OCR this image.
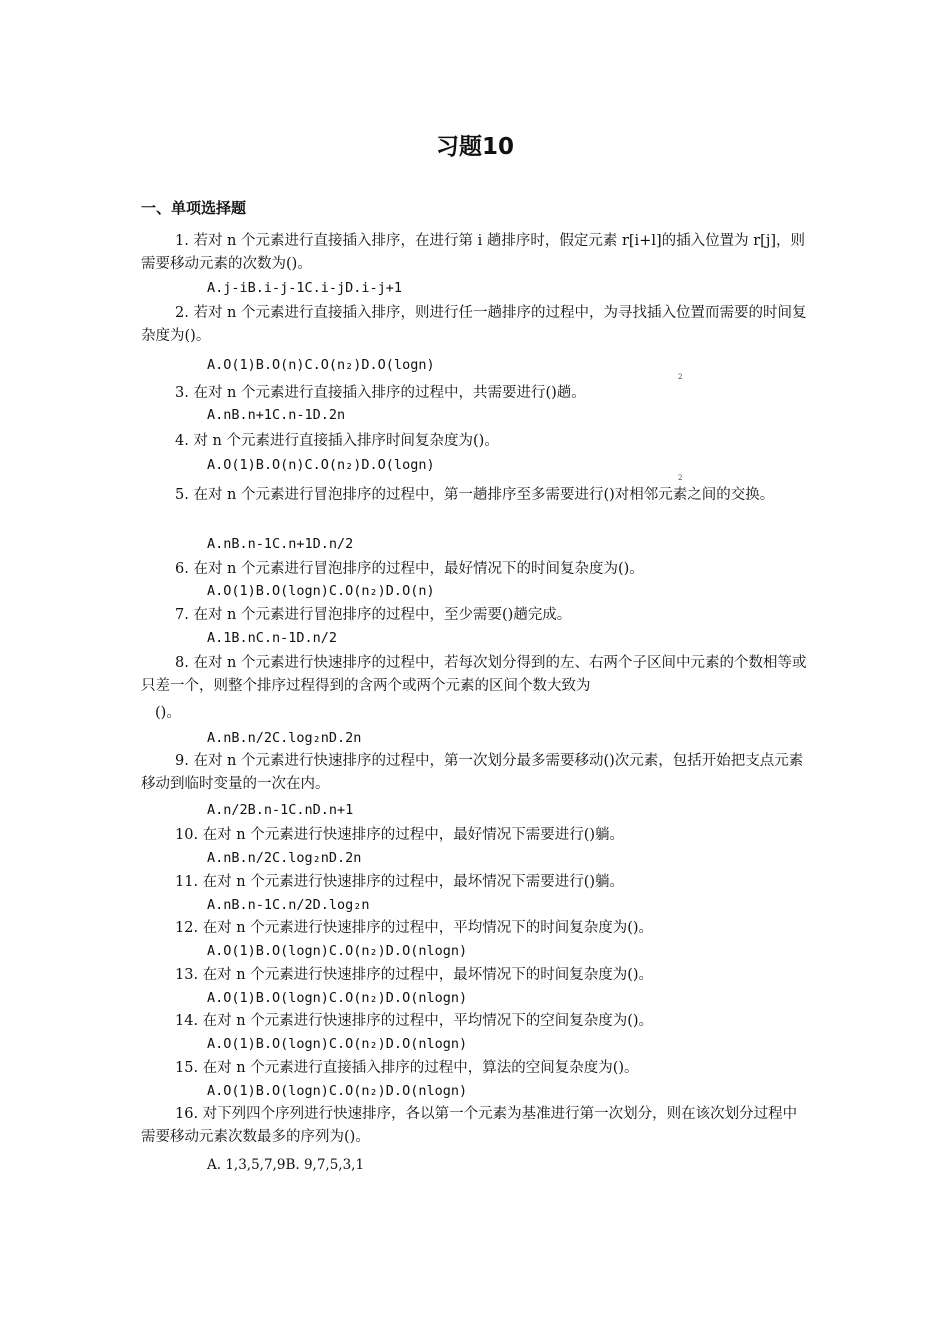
习题10
一、单项选择题
1. 若对 n 个元素进行直接插入排序，在进行第 i 趟排序时，假定元素 r[i+l]的插入位置为 r[j]，则需要移动元素的次数为()。
A.j-iB.i-j-1C.i-jD.i-j+1
2. 若对 n 个元素进行直接插入排序，则进行任一趟排序的过程中，为寻找插入位置而需要的时间复杂度为()。
A.O(1)B.O(n)C.O(n₂)D.O(logn)
2
3. 在对 n 个元素进行直接插入排序的过程中，共需要进行()趟。
A.nB.n+1C.n-1D.2n
4. 对 n 个元素进行直接插入排序时间复杂度为()。
A.O(1)B.O(n)C.O(n₂)D.O(logn)
2
5. 在对 n 个元素进行冒泡排序的过程中，第一趟排序至多需要进行()对相邻元素之间的交换。
A.nB.n-1C.n+1D.n/2
6. 在对 n 个元素进行冒泡排序的过程中，最好情况下的时间复杂度为()。
A.O(1)B.O(logn)C.O(n₂)D.O(n)
7. 在对 n 个元素进行冒泡排序的过程中，至少需要()趟完成。
A.1B.nC.n-1D.n/2
8. 在对 n 个元素进行快速排序的过程中，若每次划分得到的左、右两个子区间中元素的个数相等或只差一个，则整个排序过程得到的含两个或两个元素的区间个数大致为
()。
A.nB.n/2C.log₂nD.2n
9. 在对 n 个元素进行快速排序的过程中，第一次划分最多需要移动()次元素，包括开始把支点元素移动到临时变量的一次在内。
A.n/2B.n-1C.nD.n+1
10. 在对 n 个元素进行快速排序的过程中，最好情况下需要进行()躺。
A.nB.n/2C.log₂nD.2n
11. 在对 n 个元素进行快速排序的过程中，最坏情况下需要进行()躺。
A.nB.n-1C.n/2D.log₂n
12. 在对 n 个元素进行快速排序的过程中，平均情况下的时间复杂度为()。
A.O(1)B.O(logn)C.O(n₂)D.O(nlogn)
13. 在对 n 个元素进行快速排序的过程中，最坏情况下的时间复杂度为()。
A.O(1)B.O(logn)C.O(n₂)D.O(nlogn)
14. 在对 n 个元素进行快速排序的过程中，平均情况下的空间复杂度为()。
A.O(1)B.O(logn)C.O(n₂)D.O(nlogn)
15. 在对 n 个元素进行直接插入排序的过程中，算法的空间复杂度为()。
A.O(1)B.O(logn)C.O(n₂)D.O(nlogn)
16. 对下列四个序列进行快速排序，各以第一个元素为基准进行第一次划分，则在该次划分过程中需要移动元素次数最多的序列为()。
A. 1,3,5,7,9B. 9,7,5,3,1
